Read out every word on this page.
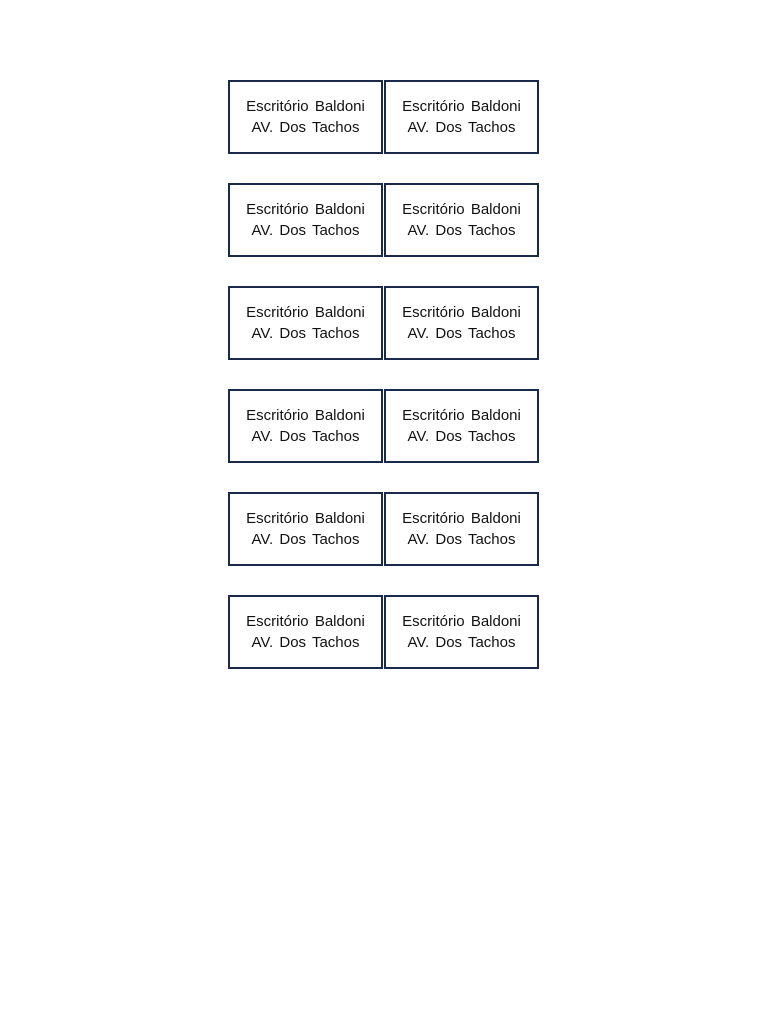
Escritório Baldoni
AV. Dos Tachos
Escritório Baldoni
AV. Dos Tachos
Escritório Baldoni
AV. Dos Tachos
Escritório Baldoni
AV. Dos Tachos
Escritório Baldoni
AV. Dos Tachos
Escritório Baldoni
AV. Dos Tachos
Escritório Baldoni
AV. Dos Tachos
Escritório Baldoni
AV. Dos Tachos
Escritório Baldoni
AV. Dos Tachos
Escritório Baldoni
AV. Dos Tachos
Escritório Baldoni
AV. Dos Tachos
Escritório Baldoni
AV. Dos Tachos
